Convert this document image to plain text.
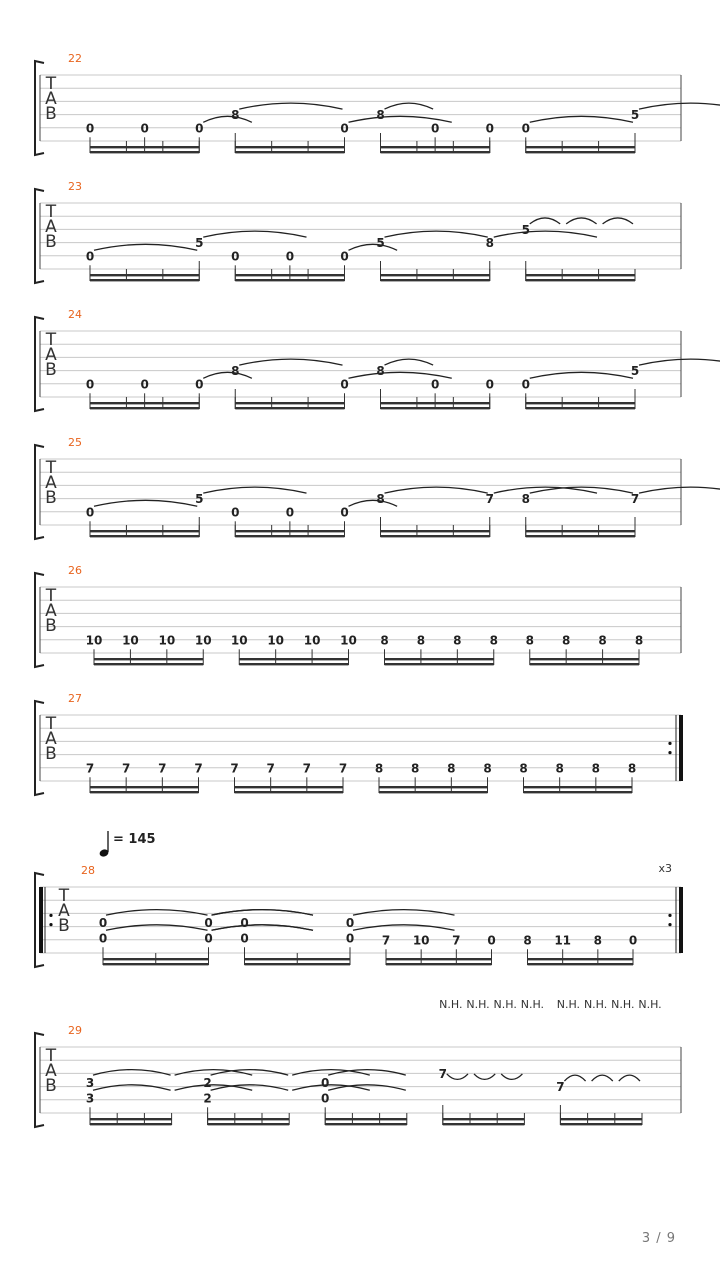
T
A
B
22
0	0	0
8
0
8
0	0 0
5
T
A
B
23
0
5
0	0	0
5	8
5
T
A
B
24
0	0	0
8
0
8
0	0 0
5
T
A
B
25
0
5
0	0	0
8	7 8	7
T
A
B
26
10 10 10 10 10 10 10 10 8 8 8 8 8 8 8 8
T
A
B
27
7 7 7 7 7 7 7 7 8 8 8 8 8 8 8 8
T
A
B
28
0
0
0
0
0
0
0
0 7 10 7 0 8 11 8 0
T
A
B
29
3
3
2
2
0
0
7
N.H. N.H. N.H. N.H.
7
N.H. N.H. N.H. N.H.
= 145
x3
3 / 9
